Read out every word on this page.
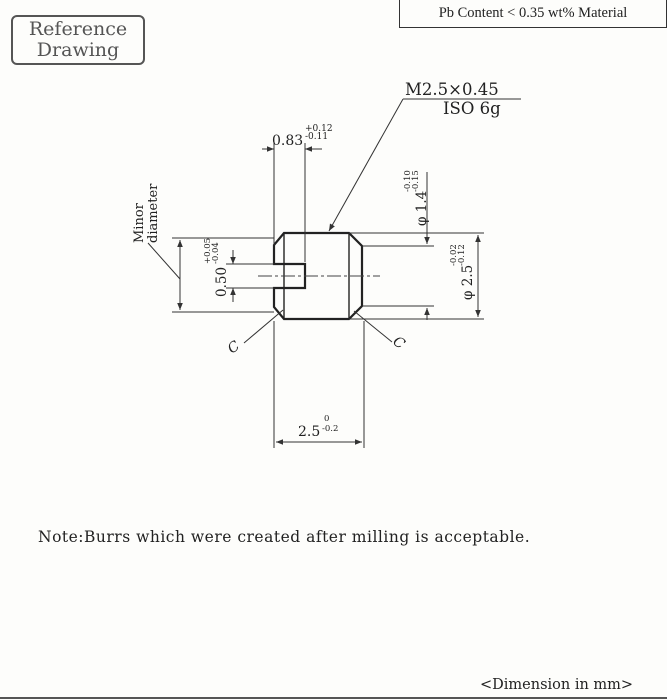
Reference
Drawing
Pb Content < 0.35 wt% Material
M2.5×0.45
ISO 6g
0.83
+0.12
-0.11
Minor diameter
0.50
+0.05
-0.04
φ 1.4
-0.10
-0.15
φ 2.5
-0.02
-0.12
C	C
2.5
0
-0.2
Note:Burrs which were created after milling is acceptable.
<Dimension in mm>
